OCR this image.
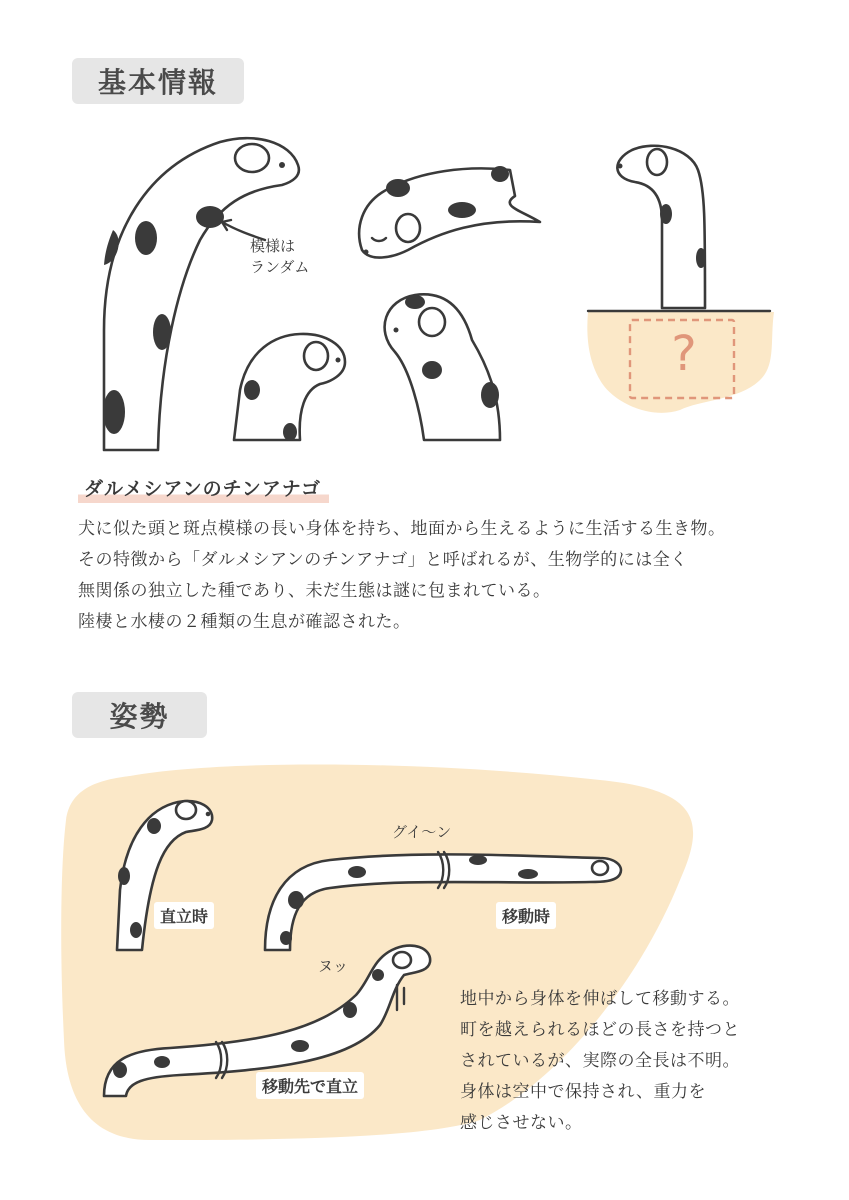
基本情報
模様は
ランダム
グイ〜ン
ヌッ
?
ダルメシアンのチンアナゴ
犬に似た頭と斑点模様の長い身体を持ち、地面から生えるように生活する生き物。
その特徴から「ダルメシアンのチンアナゴ」と呼ばれるが、生物学的には全く
無関係の独立した種であり、未だ生態は謎に包まれている。
陸棲と水棲の２種類の生息が確認された。
姿勢
直立時	移動時
移動先で直立
地中から身体を伸ばして移動する。
町を越えられるほどの長さを持つと
されているが、実際の全長は不明。
身体は空中で保持され、重力を
感じさせない。
